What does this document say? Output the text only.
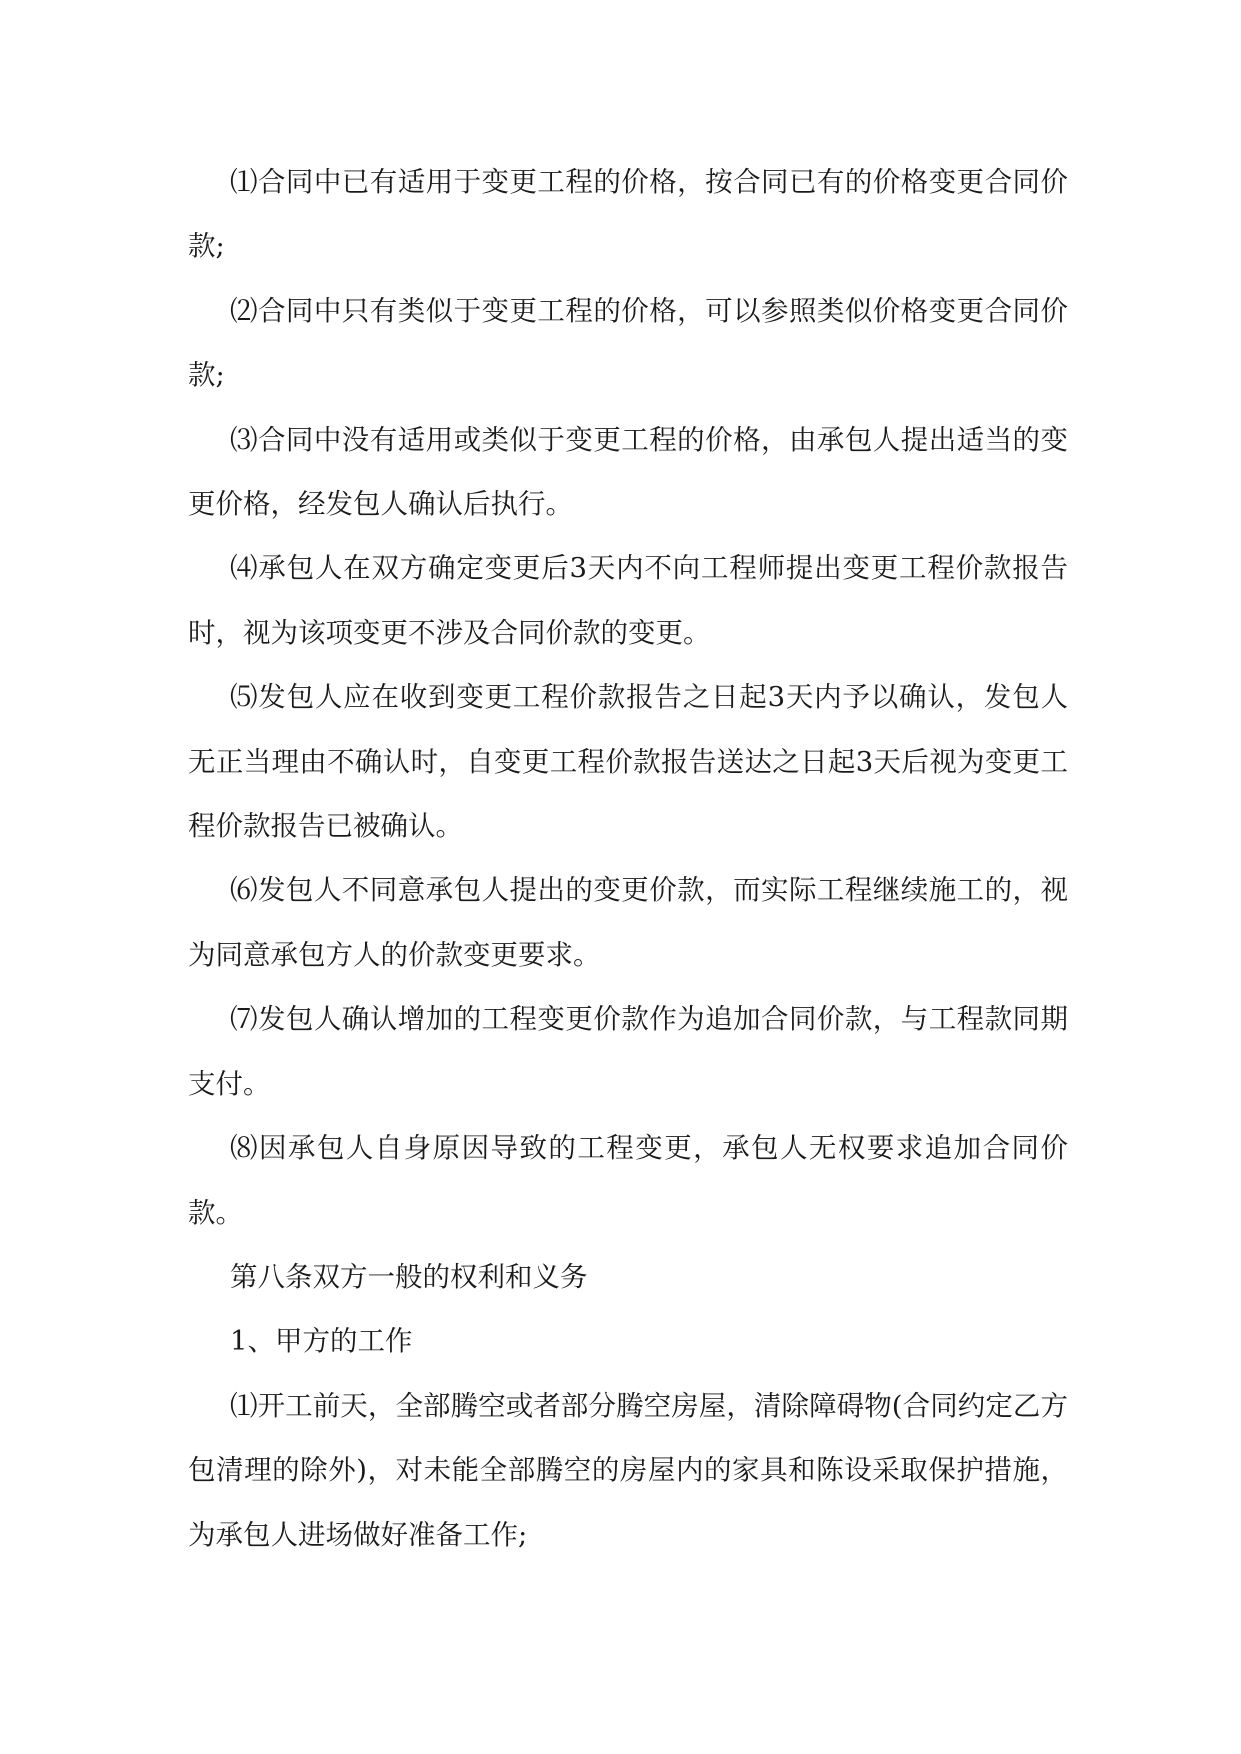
⑴合同中已有适用于变更工程的价格，按合同已有的价格变更合同价款;

⑵合同中只有类似于变更工程的价格，可以参照类似价格变更合同价款;

⑶合同中没有适用或类似于变更工程的价格，由承包人提出适当的变更价格，经发包人确认后执行。

⑷承包人在双方确定变更后3天内不向工程师提出变更工程价款报告时，视为该项变更不涉及合同价款的变更。

⑸发包人应在收到变更工程价款报告之日起3天内予以确认，发包人无正当理由不确认时，自变更工程价款报告送达之日起3天后视为变更工程价款报告已被确认。

⑹发包人不同意承包人提出的变更价款，而实际工程继续施工的，视为同意承包方人的价款变更要求。

⑺发包人确认增加的工程变更价款作为追加合同价款，与工程款同期支付。

⑻因承包人自身原因导致的工程变更，承包人无权要求追加合同价款。

第八条双方一般的权利和义务

1、甲方的工作

⑴开工前天，全部腾空或者部分腾空房屋，清除障碍物(合同约定乙方包清理的除外)，对未能全部腾空的房屋内的家具和陈设采取保护措施，为承包人进场做好准备工作;
